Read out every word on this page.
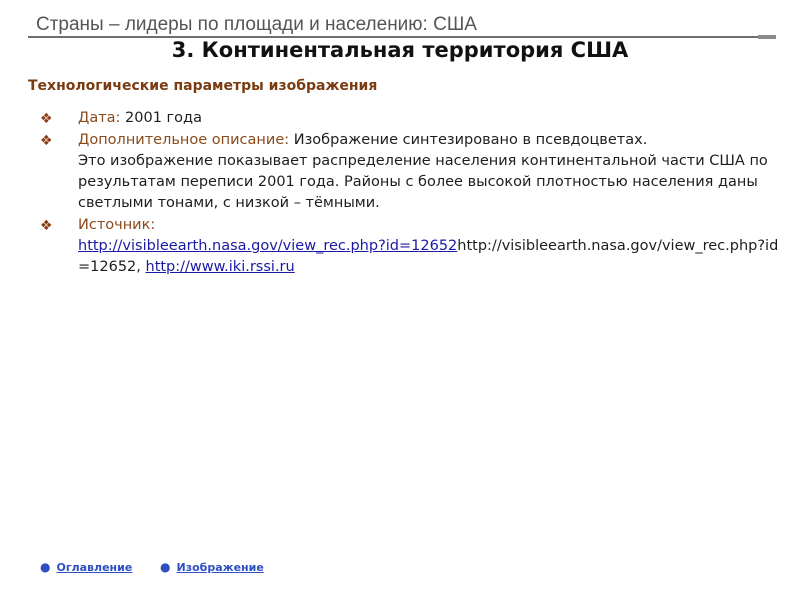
Страны – лидеры по площади и населению: США
3. Континентальная территория США
Технологические параметры изображения
❖ Дата: 2001 года
❖ Дополнительное описание: Изображение синтезировано в псевдоцветах.
Это изображение показывает распределение населения континентальной части США по результатам переписи 2001 года. Районы с более высокой плотностью населения даны светлыми тонами, с низкой – тёмными.
❖ Источник:
http://visibleearth.nasa.gov/view_rec.php?id=12652http://visibleearth.nasa.gov/view_rec.php?id=12652, http://www.iki.rssi.ru
● Оглавление ● Изображение
